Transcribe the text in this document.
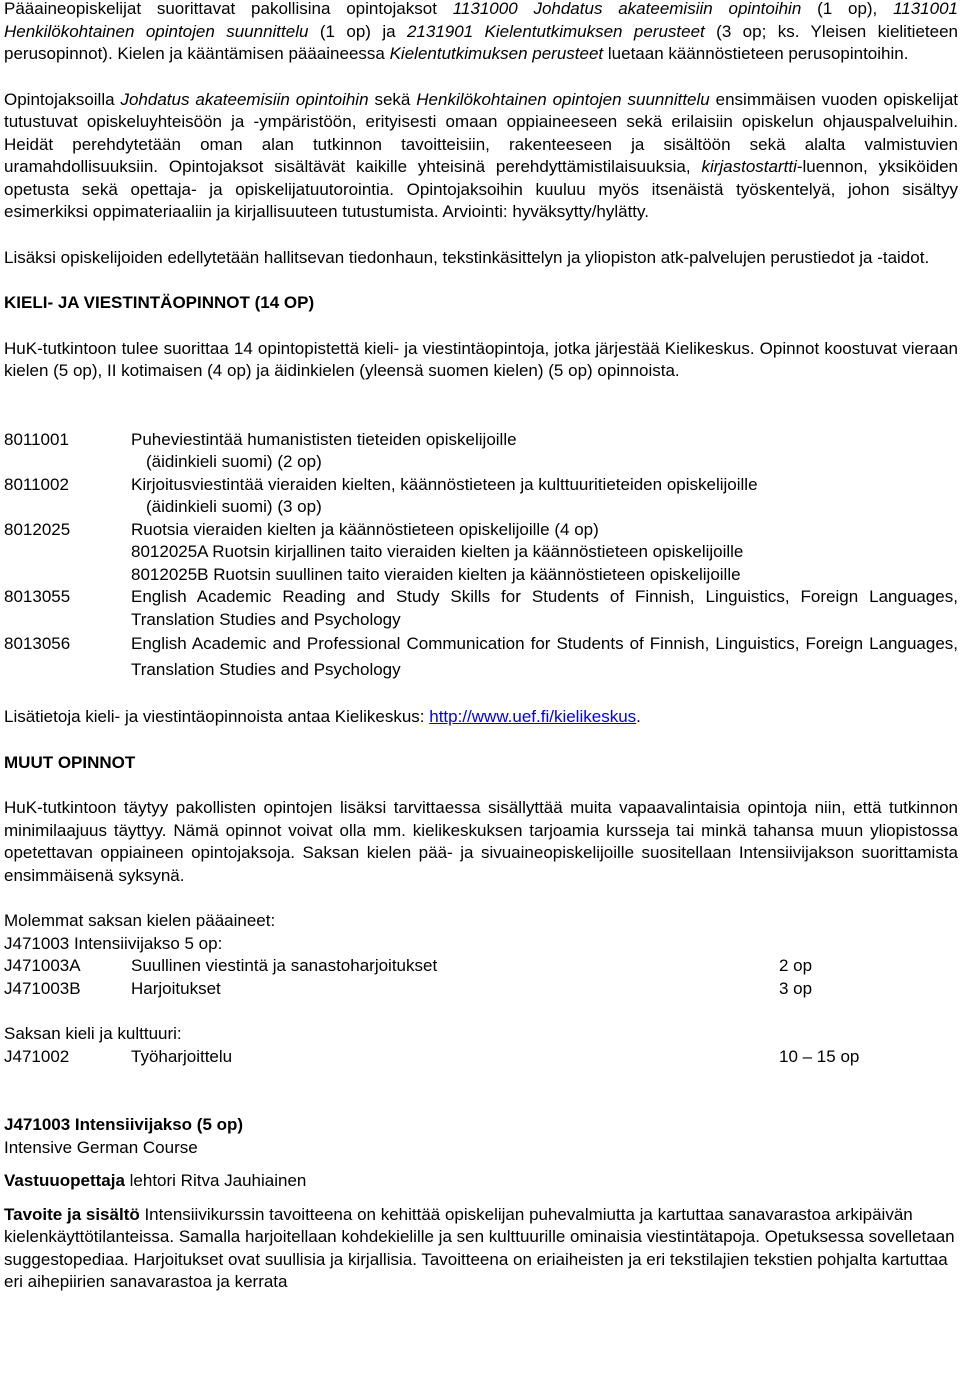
Pääaineopiskelijat suorittavat pakollisina opintojaksot 1131000 Johdatus akateemisiin opintoihin (1 op), 1131001 Henkilökohtainen opintojen suunnittelu (1 op) ja 2131901 Kielentutkimuksen perusteet (3 op; ks. Yleisen kielitieteen perusopinnot). Kielen ja kääntämisen pääaineessa Kielentutkimuksen perusteet luetaan käännöstieteen perusopintoihin.

Opintojaksoilla Johdatus akateemisiin opintoihin sekä Henkilökohtainen opintojen suunnittelu ensimmäisen vuoden opiskelijat tutustuvat opiskeluyhteisöön ja -ympäristöön, erityisesti omaan oppiaineeseen sekä erilaisiin opiskelun ohjauspalveluihin. Heidät perehdytetään oman alan tutkinnon tavoitteisiin, rakenteeseen ja sisältöön sekä alalta valmistuvien uramahdollisuuksiin. Opintojaksot sisältävät kaikille yhteisinä perehdyttämistilaisuuksia, kirjastostartti-luennon, yksiköiden opetusta sekä opettaja- ja opiskelijatuutorointia. Opintojaksoihin kuuluu myös itsenäistä työskentelyä, johon sisältyy esimerkiksi oppimateriaaliin ja kirjallisuuteen tutustumista. Arviointi: hyväksytty/hylätty.

Lisäksi opiskelijoiden edellytetään hallitsevan tiedonhaun, tekstinkäsittelyn ja yliopiston atk-palvelujen perustiedot ja -taidot.

KIELI- JA VIESTINTÄOPINNOT (14 OP)

HuK-tutkintoon tulee suorittaa 14 opintopistettä kieli- ja viestintäopintoja, jotka järjestää Kielikeskus. Opinnot koostuvat vieraan kielen (5 op), II kotimaisen (4 op) ja äidinkielen (yleensä suomen kielen) (5 op) opinnoista.

8011001	Puheviestintää humanististen tieteiden opiskelijoille
(äidinkieli suomi) (2 op)
8011002	Kirjoitusviestintää vieraiden kielten, käännöstieteen ja kulttuuritieteiden opiskelijoille
(äidinkieli suomi) (3 op)
8012025	Ruotsia vieraiden kielten ja käännöstieteen opiskelijoille (4 op)
8012025A Ruotsin kirjallinen taito vieraiden kielten ja käännöstieteen opiskelijoille
8012025B Ruotsin suullinen taito vieraiden kielten ja käännöstieteen opiskelijoille
8013055	English Academic Reading and Study Skills for Students of Finnish, Linguistics, Foreign Languages, Translation Studies and Psychology
8013056	English Academic and Professional Communication for Students of Finnish, Linguistics, Foreign Languages, Translation Studies and Psychology

Lisätietoja kieli- ja viestintäopinnoista antaa Kielikeskus: http://www.uef.fi/kielikeskus.

MUUT OPINNOT

HuK-tutkintoon täytyy pakollisten opintojen lisäksi tarvittaessa sisällyttää muita vapaavalintaisia opintoja niin, että tutkinnon minimilaajuus täyttyy. Nämä opinnot voivat olla mm. kielikeskuksen tarjoamia kursseja tai minkä tahansa muun yliopistossa opetettavan oppiaineen opintojaksoja. Saksan kielen pää- ja sivuaineopiskelijoille suositellaan Intensiivijakson suorittamista ensimmäisenä syksynä.

Molemmat saksan kielen pääaineet:

J471003 Intensiivijakso 5 op:

J471003A	Suullinen viestintä ja sanastoharjoitukset	2 op
J471003B	Harjoitukset	3 op

Saksan kieli ja kulttuuri:

J471002	Työharjoittelu	10 – 15 op

J471003 Intensiivijakso (5 op)

Intensive German Course

Vastuuopettaja lehtori Ritva Jauhiainen

Tavoite ja sisältö Intensiivikurssin tavoitteena on kehittää opiskelijan puhevalmiutta ja kartuttaa sanavarastoa arkipäivän kielenkäyttötilanteissa. Samalla harjoitellaan kohdekielille ja sen kulttuurille ominaisia viestintätapoja. Opetuksessa sovelletaan suggestopediaa. Harjoitukset ovat suullisia ja kirjallisia. Tavoitteena on eriaiheisten ja eri tekstilajien tekstien pohjalta kartuttaa eri aihepiirien sanavarastoa ja kerrata
